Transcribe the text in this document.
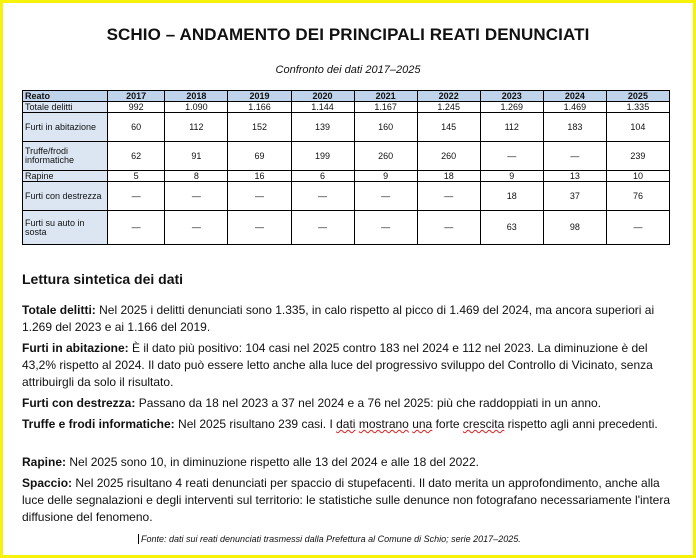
SCHIO – ANDAMENTO DEI PRINCIPALI REATI DENUNCIATI
Confronto dei dati 2017–2025
Reato	2017	2018	2019	2020	2021	2022	2023	2024	2025
Totale delitti	992	1.090	1.166	1.144	1.167	1.245	1.269	1.469	1.335
Furti in abitazione	60	112	152	139	160	145	112	183	104
Truffe/frodi informatiche	62	91	69	199	260	260	—	—	239
Rapine	5	8	16	6	9	18	9	13	10
Furti con destrezza	—	—	—	—	—	—	18	37	76
Furti su auto in sosta	—	—	—	—	—	—	63	98	—
Lettura sintetica dei dati
Totale delitti: Nel 2025 i delitti denunciati sono 1.335, in calo rispetto al picco di 1.469 del 2024, ma ancora superiori ai 1.269 del 2023 e ai 1.166 del 2019.
Furti in abitazione: È il dato più positivo: 104 casi nel 2025 contro 183 nel 2024 e 112 nel 2023. La diminuzione è del 43,2% rispetto al 2024. Il dato può essere letto anche alla luce del progressivo sviluppo del Controllo di Vicinato, senza attribuirgli da solo il risultato.
Furti con destrezza: Passano da 18 nel 2023 a 37 nel 2024 e a 76 nel 2025: più che raddoppiati in un anno.
Truffe e frodi informatiche: Nel 2025 risultano 239 casi. I dati mostrano una forte crescita rispetto agli anni precedenti.
Rapine: Nel 2025 sono 10, in diminuzione rispetto alle 13 del 2024 e alle 18 del 2022.
Spaccio: Nel 2025 risultano 4 reati denunciati per spaccio di stupefacenti. Il dato merita un approfondimento, anche alla luce delle segnalazioni e degli interventi sul territorio: le statistiche sulle denunce non fotografano necessariamente l'intera diffusione del fenomeno.
Fonte: dati sui reati denunciati trasmessi dalla Prefettura al Comune di Schio; serie 2017–2025.
